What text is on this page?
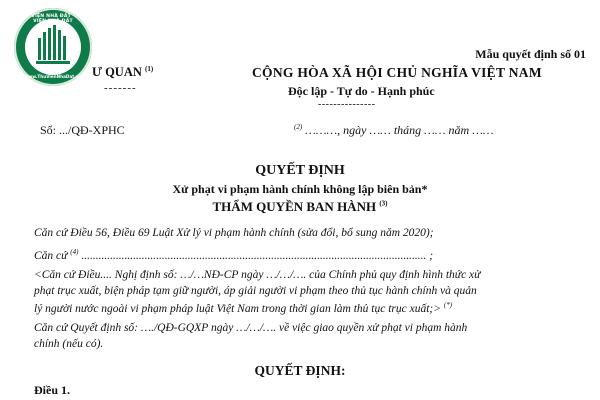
THƯ VIỆN NHÀ ĐẤT · THƯ VIỆN NHÀ ĐẤT
www.ThuVienNhaDat.vn
Mẫu quyết định số 01
Ư QUAN $^{(1)}$
-------
CỘNG HÒA XÃ HỘI CHỦ NGHĨA VIỆT NAM
Độc lập - Tự do - Hạnh phúc
---------------
Số: .../QĐ-XPHC	$^{(2)}$ ………, ngày …… tháng …… năm ……
QUYẾT ĐỊNH
Xử phạt vi phạm hành chính không lập biên bản*
THẨM QUYỀN BAN HÀNH $^{(3)}$
Căn cứ Điều 56, Điều 69 Luật Xử lý vi phạm hành chính (sửa đổi, bổ sung năm 2020);
Căn cứ $^{(4)}$ ........................................................................................................................ ;
<Căn cứ Điều.... Nghị định số: …/…NĐ-CP ngày …/…/…. của Chính phủ quy định hình thức xử
phạt trục xuất, biện pháp tạm giữ người, áp giải người vi phạm theo thủ tục hành chính và quản
lý người nước ngoài vi phạm pháp luật Việt Nam trong thời gian làm thủ tục trục xuất;> (*)
Căn cứ Quyết định số: …./QĐ-GQXP ngày …/…/…. về việc giao quyền xử phạt vi phạm hành
chính (nếu có).
QUYẾT ĐỊNH:
Điều 1.
